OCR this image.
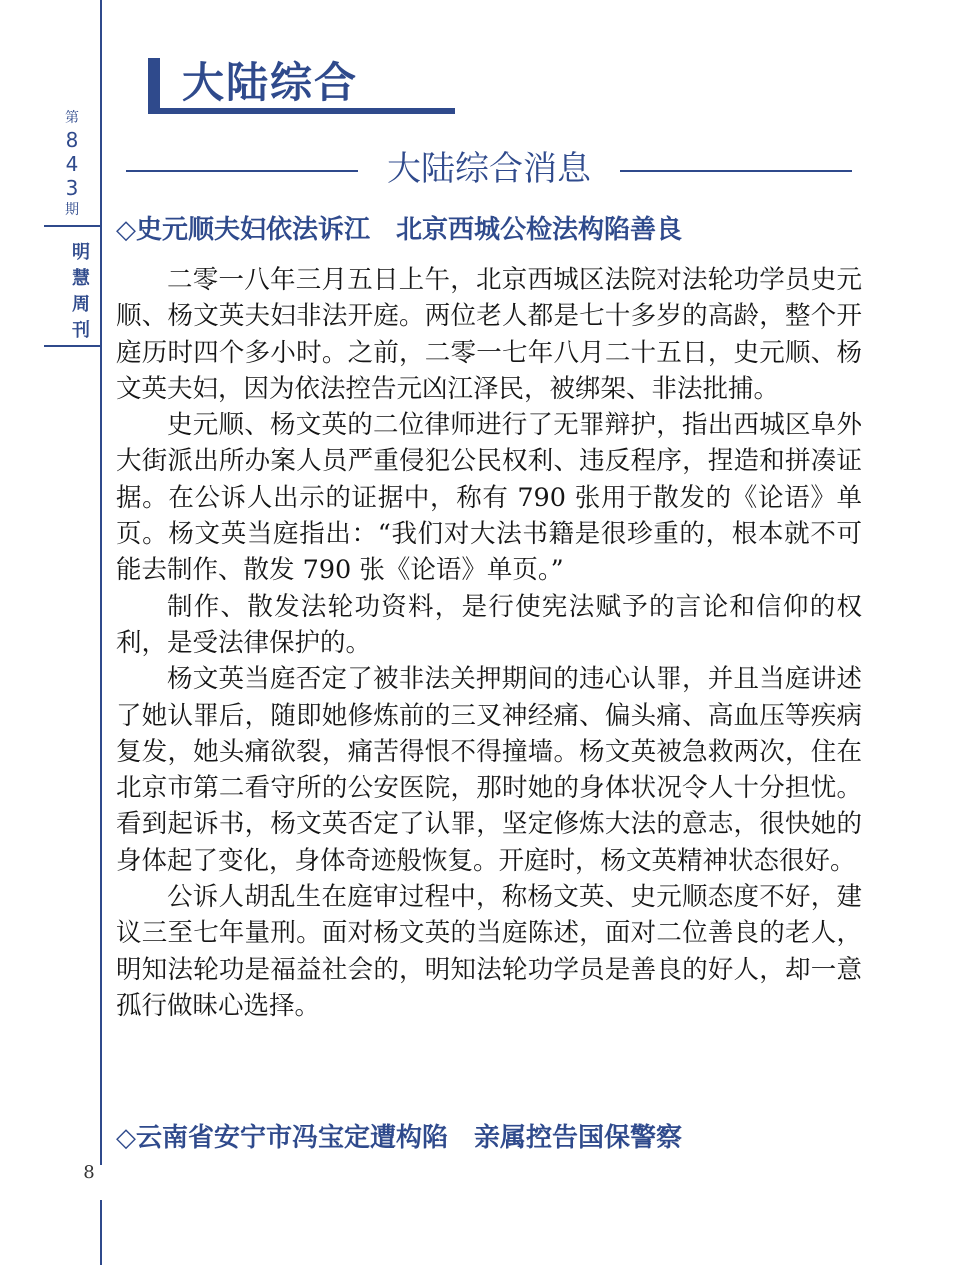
第
8
4
3
期
明
慧
周
刊
8
大陆综合
大陆综合消息
◇史元顺夫妇依法诉江　北京西城公检法构陷善良

二零一八年三月五日上午，北京西城区法院对法轮功学员史元顺、杨文英夫妇非法开庭。两位老人都是七十多岁的高龄，整个开庭历时四个多小时。之前，二零一七年八月二十五日，史元顺、杨文英夫妇，因为依法控告元凶江泽民，被绑架、非法批捕。

史元顺、杨文英的二位律师进行了无罪辩护，指出西城区阜外大街派出所办案人员严重侵犯公民权利、违反程序，捏造和拼凑证据。在公诉人出示的证据中，称有 790 张用于散发的《论语》单页。杨文英当庭指出：“我们对大法书籍是很珍重的，根本就不可能去制作、散发 790 张《论语》单页。”

制作、散发法轮功资料，是行使宪法赋予的言论和信仰的权利，是受法律保护的。

杨文英当庭否定了被非法关押期间的违心认罪，并且当庭讲述了她认罪后，随即她修炼前的三叉神经痛、偏头痛、高血压等疾病复发，她头痛欲裂，痛苦得恨不得撞墙。杨文英被急救两次，住在北京市第二看守所的公安医院，那时她的身体状况令人十分担忧。看到起诉书，杨文英否定了认罪，坚定修炼大法的意志，很快她的身体起了变化，身体奇迹般恢复。开庭时，杨文英精神状态很好。

公诉人胡乱生在庭审过程中，称杨文英、史元顺态度不好，建议三至七年量刑。面对杨文英的当庭陈述，面对二位善良的老人，明知法轮功是福益社会的，明知法轮功学员是善良的好人，却一意孤行做昧心选择。

◇云南省安宁市冯宝定遭构陷　亲属控告国保警察
